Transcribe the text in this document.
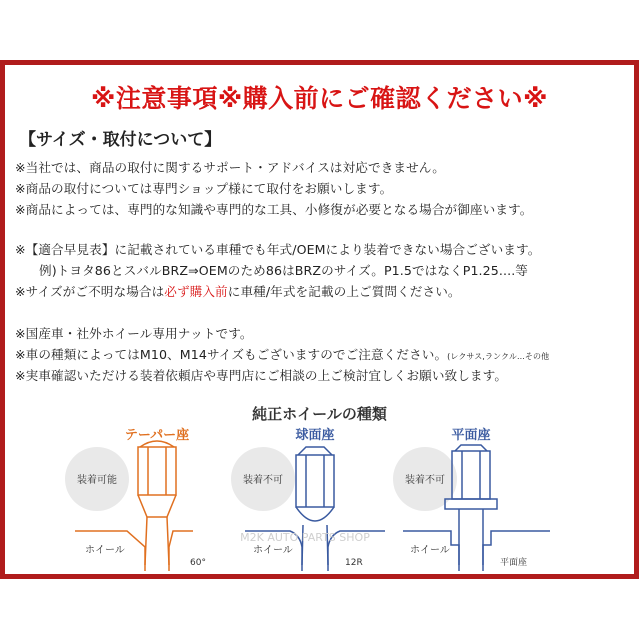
※注意事項※購入前にご確認ください※
【サイズ・取付について】
※当社では、商品の取付に関するサポート・アドバイスは対応できません。
※商品の取付については専門ショップ様にて取付をお願いします。
※商品によっては、専門的な知識や専門的な工具、小修復が必要となる場合が御座います。
※【適合早見表】に記載されている車種でも年式/OEMにより装着できない場合ございます。
例)トヨタ86とスバルBRZ⇒OEMのため86はBRZのサイズ。P1.5ではなくP1.25....等
※サイズがご不明な場合は必ず購入前に車種/年式を記載の上ご質問ください。
※国産車・社外ホイール専用ナットです。
※車の種類によってはM10、M14サイズもございますのでご注意ください。(レクサス,ランクル...その他
※実車確認いただける装着依頼店や専門店にご相談の上ご検討宜しくお願い致します。
純正ホイールの種類
装着可能
テーパー座
ホイール
60°
装着不可
球面座
ホイール
12R
装着不可
平面座
ホイール
平面座
M2K AUTO PARTS SHOP
